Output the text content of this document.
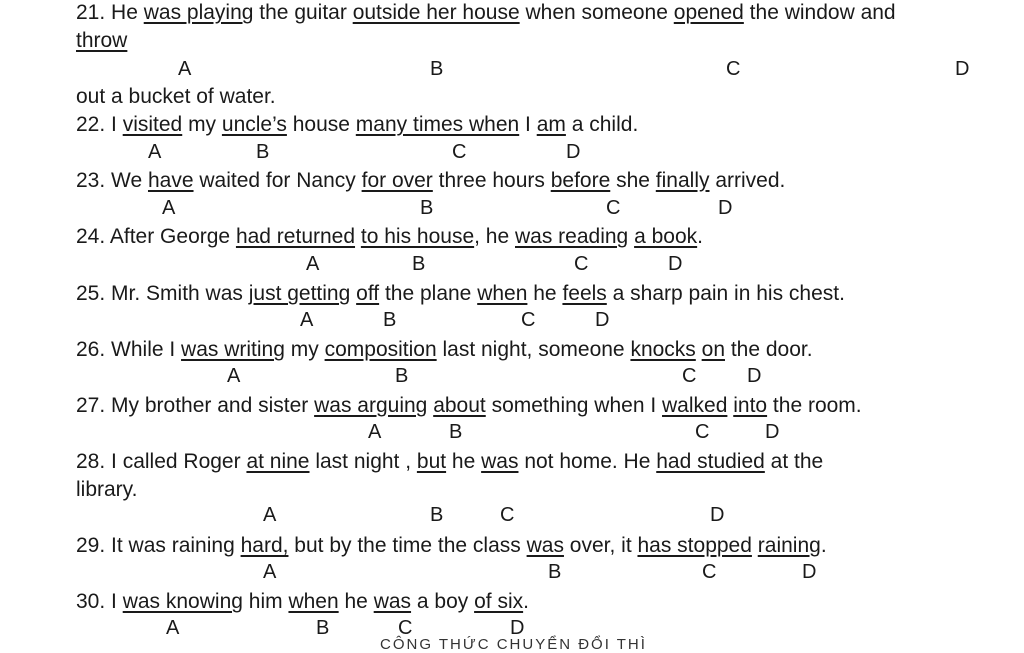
21. He was playing the guitar outside her house when someone opened the window and
throw
out a bucket of water.
A	B	C	D
22. I visited my uncle’s house many times when I am a child.
A	B	C	D
23. We have waited for Nancy for over three hours before she finally arrived.
A	B	C	D
24. After George had returned to his house, he was reading a book.
A	B	C	D
25. Mr. Smith was just getting off the plane when he feels a sharp pain in his chest.
A	B	C	D
26. While I was writing my composition last night, someone knocks on the door.
A	B	C	D
27. My brother and sister was arguing about something when I walked into the room.
A	B	C	D
28. I called Roger at nine last night , but he was not home. He had studied at the
library.
A	B	C	D
29. It was raining hard, but by the time the class was over, it has stopped raining.
A	B	C	D
30. I was knowing him when he was a boy of six.
A	B	C	D
CÔNG THỨC CHUYỂN ĐỔI THÌ
